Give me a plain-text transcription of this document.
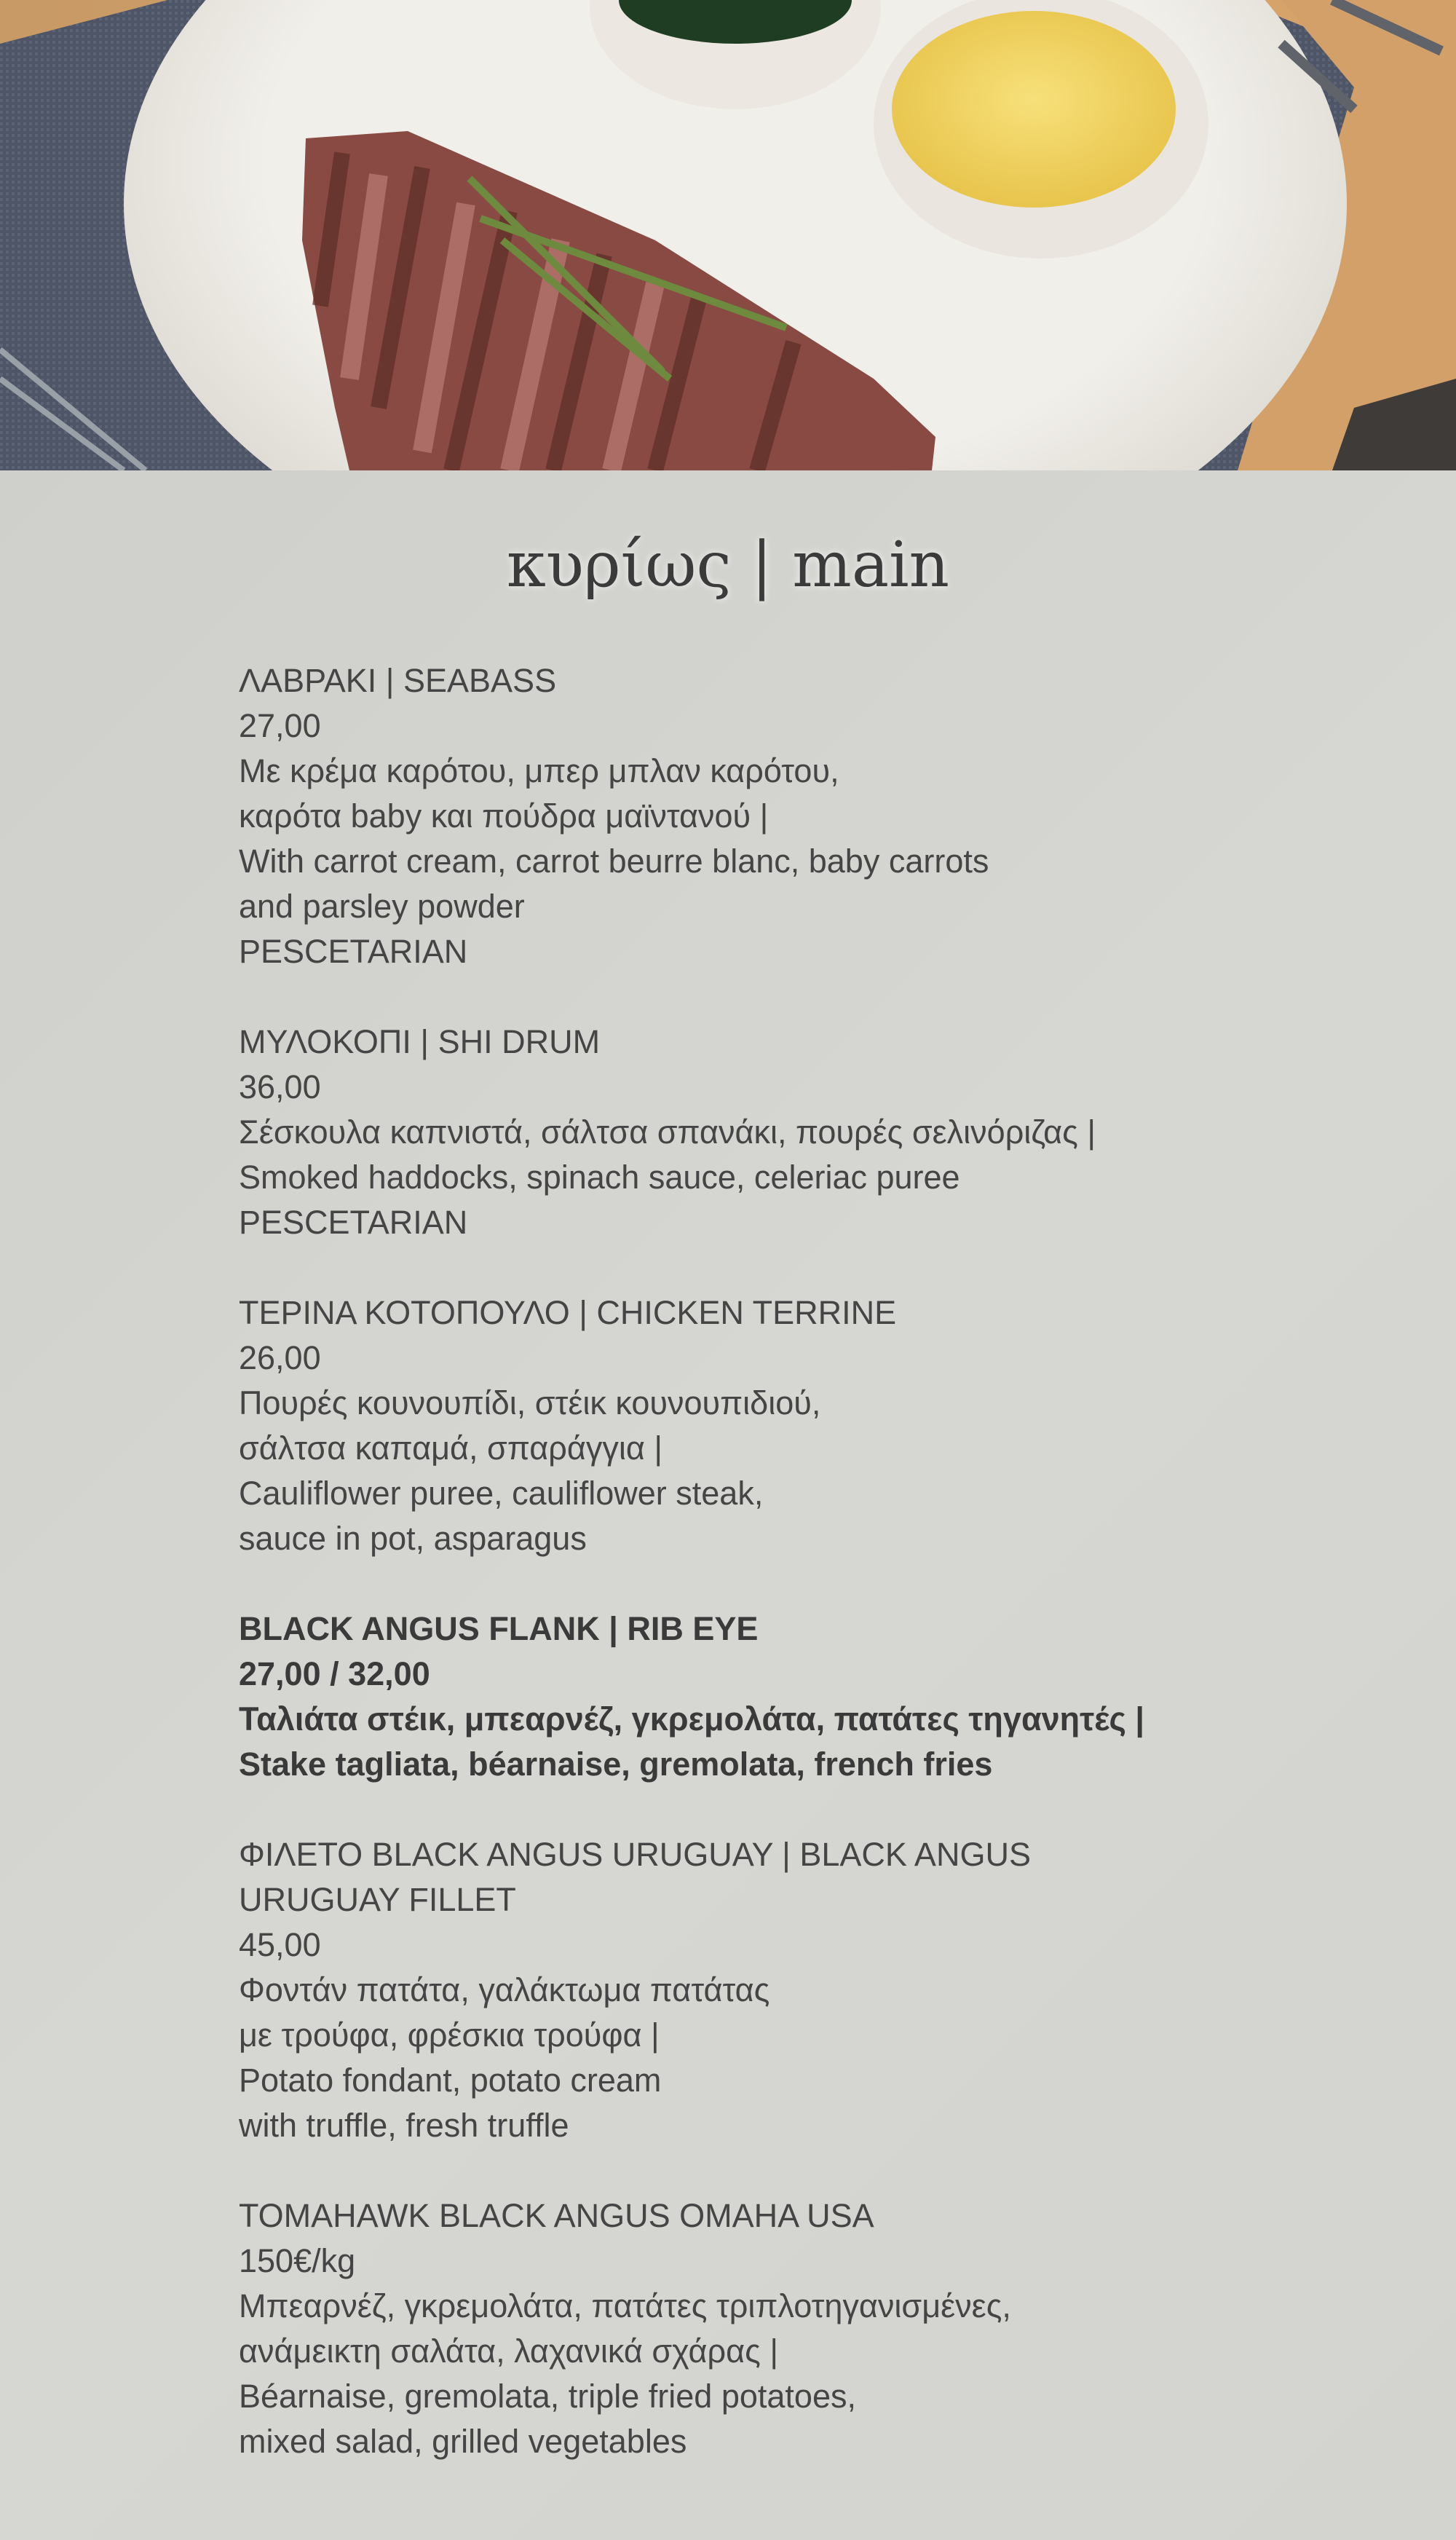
κυρίως | main
ΛΑΒΡΑΚΙ | SEABASS
27,00
Με κρέμα καρότου, μπερ μπλαν καρότου,
καρότα baby και πούδρα μαϊντανού |
With carrot cream, carrot beurre blanc, baby carrots
and parsley powder
PESCETARIAN
ΜΥΛΟΚΟΠΙ | SHI DRUM
36,00
Σέσκουλα καπνιστά, σάλτσα σπανάκι, πουρές σελινόριζας |
Smoked haddocks, spinach sauce, celeriac puree
PESCETARIAN
ΤΕΡΙΝΑ ΚΟΤΟΠΟΥΛΟ | CHICKEN TERRINE
26,00
Πουρές κουνουπίδι, στέικ κουνουπιδιού,
σάλτσα καπαμά, σπαράγγια |
Cauliflower puree, cauliflower steak,
sauce in pot, asparagus
BLACK ANGUS FLANK | RIB EYE
27,00 / 32,00
Ταλιάτα στέικ, μπεαρνέζ, γκρεμολάτα, πατάτες τηγανητές |
Stake tagliata, béarnaise, gremolata, french fries
ΦΙΛΕΤΟ BLACK ANGUS URUGUAY | BLACK ANGUS
URUGUAY FILLET
45,00
Φοντάν πατάτα, γαλάκτωμα πατάτας
με τρούφα, φρέσκια τρούφα |
Potato fondant, potato cream
with truffle, fresh truffle
TOMAHAWK BLACK ANGUS OMAHA USA
150€/kg
Μπεαρνέζ, γκρεμολάτα, πατάτες τριπλοτηγανισμένες,
ανάμεικτη σαλάτα, λαχανικά σχάρας |
Béarnaise, gremolata, triple fried potatoes,
mixed salad, grilled vegetables
